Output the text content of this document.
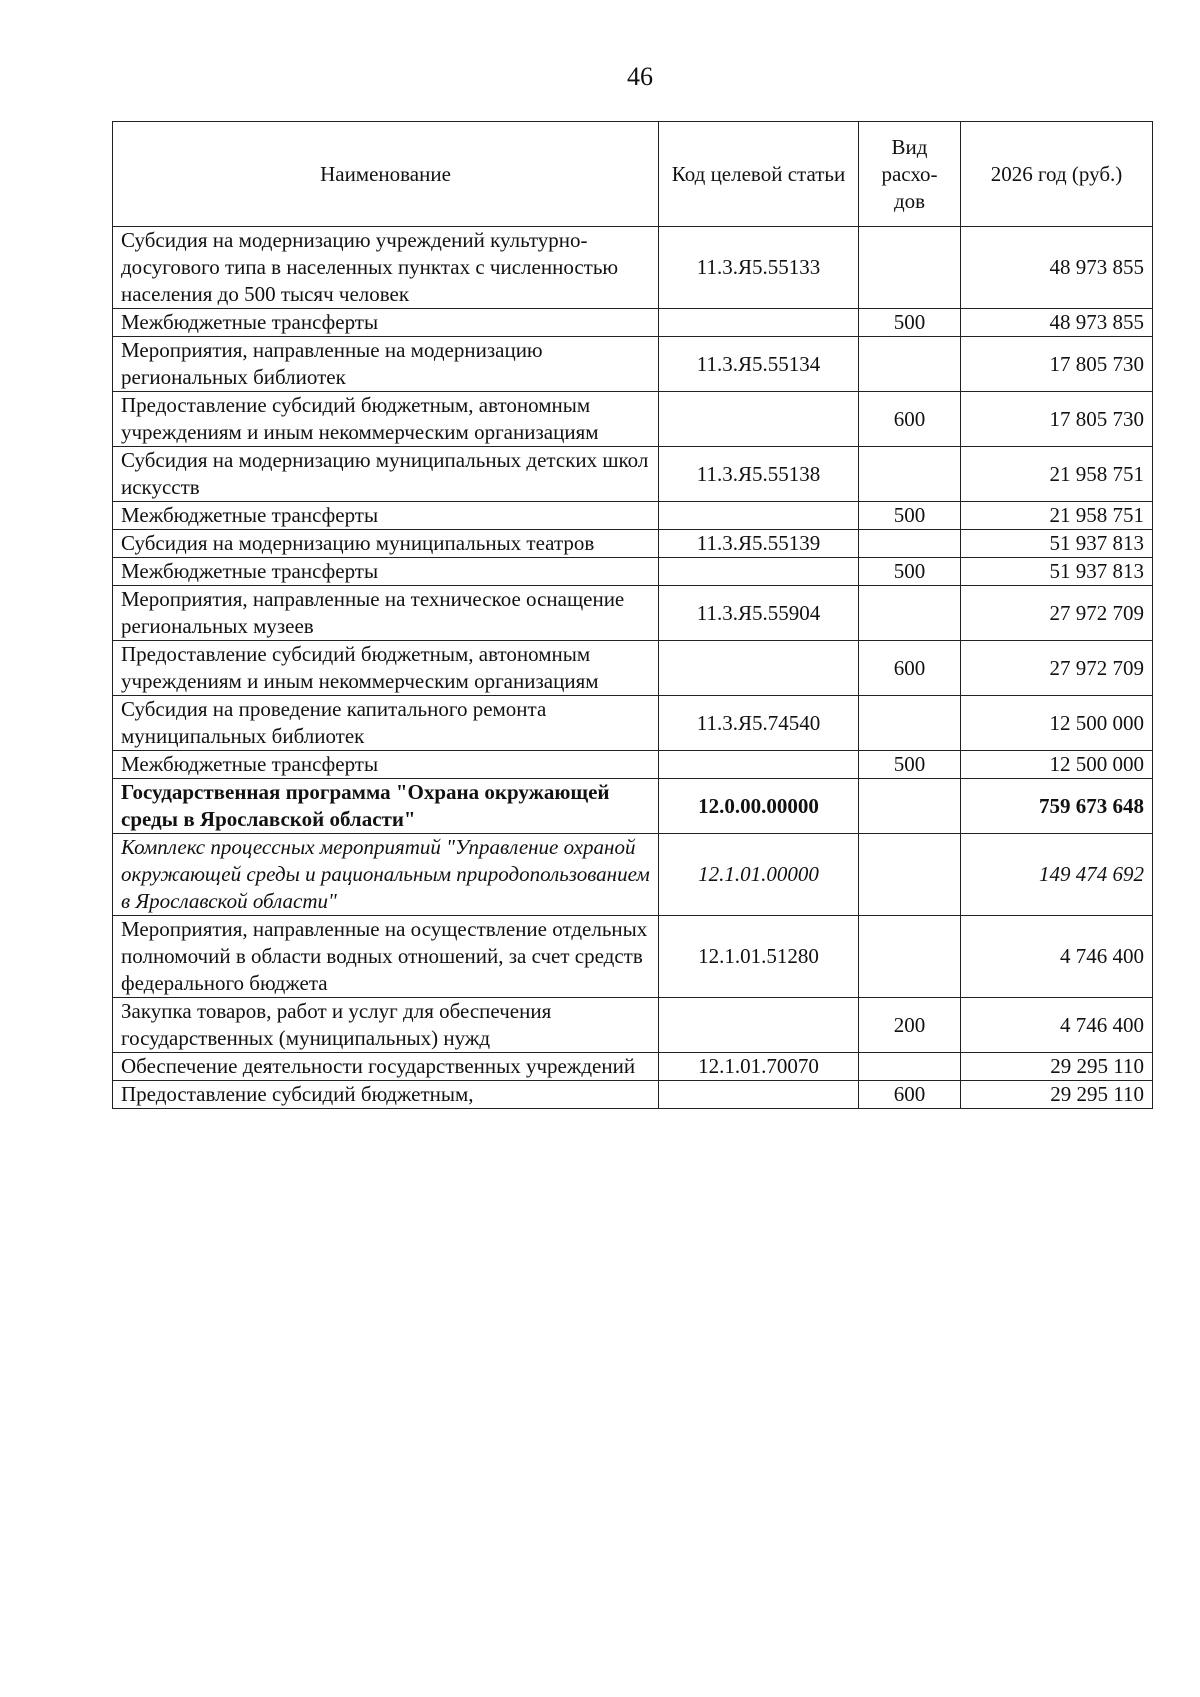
46
Наименование	Код целевой статьи	Вид расхо-дов	2026 год (руб.)
Субсидия на модернизацию учреждений культурно-досугового типа в населенных пунктах с численностью населения до 500 тысяч человек	11.3.Я5.55133		48 973 855
Межбюджетные трансферты		500	48 973 855
Мероприятия, направленные на модернизацию региональных библиотек	11.3.Я5.55134		17 805 730
Предоставление субсидий бюджетным, автономным учреждениям и иным некоммерческим организациям		600	17 805 730
Субсидия на модернизацию муниципальных детских школ искусств	11.3.Я5.55138		21 958 751
Межбюджетные трансферты		500	21 958 751
Субсидия на модернизацию муниципальных театров	11.3.Я5.55139		51 937 813
Межбюджетные трансферты		500	51 937 813
Мероприятия, направленные на техническое оснащение региональных музеев	11.3.Я5.55904		27 972 709
Предоставление субсидий бюджетным, автономным учреждениям и иным некоммерческим организациям		600	27 972 709
Субсидия на проведение капитального ремонта муниципальных библиотек	11.3.Я5.74540		12 500 000
Межбюджетные трансферты		500	12 500 000
Государственная программа "Охрана окружающей среды в Ярославской области"	12.0.00.00000		759 673 648
Комплекс процессных мероприятий "Управление охраной окружающей среды и рациональным природопользованием в Ярославской области"	12.1.01.00000		149 474 692
Мероприятия, направленные на осуществление отдельных полномочий в области водных отношений, за счет средств федерального бюджета	12.1.01.51280		4 746 400
Закупка товаров, работ и услуг для обеспечения государственных (муниципальных) нужд		200	4 746 400
Обеспечение деятельности государственных учреждений	12.1.01.70070		29 295 110
Предоставление субсидий бюджетным,		600	29 295 110
